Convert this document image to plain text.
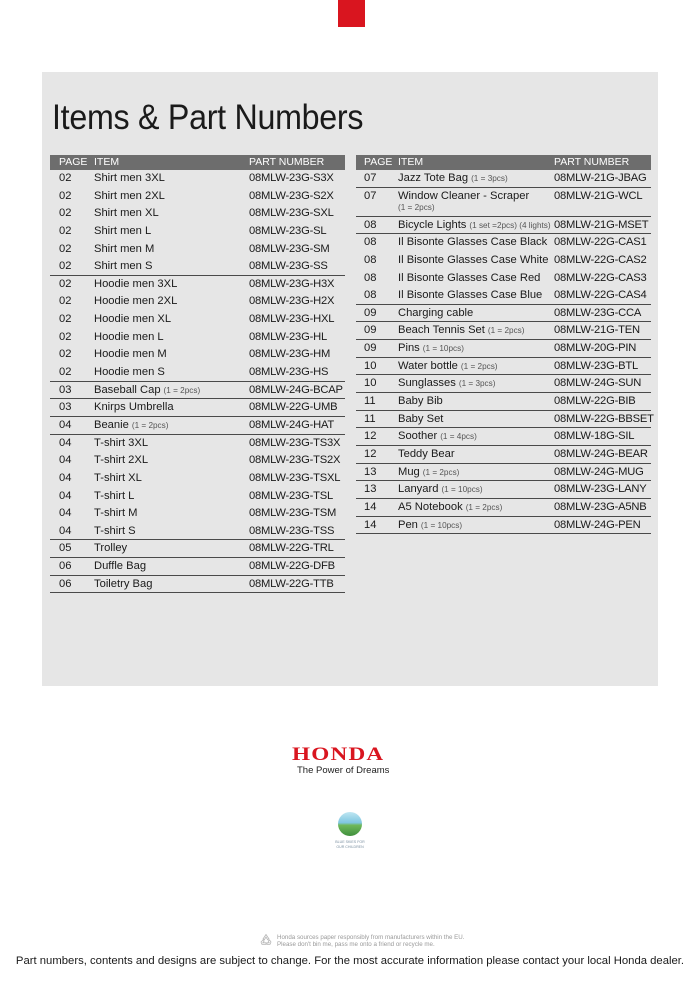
Items & Part Numbers
PAGE ITEM	PART NUMBER
02 Shirt men 3XL	08MLW-23G-S3X
02 Shirt men 2XL	08MLW-23G-S2X
02 Shirt men XL	08MLW-23G-SXL
02 Shirt men L	08MLW-23G-SL
02 Shirt men M	08MLW-23G-SM
02 Shirt men S	08MLW-23G-SS
02 Hoodie men 3XL	08MLW-23G-H3X
02 Hoodie men 2XL	08MLW-23G-H2X
02 Hoodie men XL	08MLW-23G-HXL
02 Hoodie men L	08MLW-23G-HL
02 Hoodie men M	08MLW-23G-HM
02 Hoodie men S	08MLW-23G-HS
03 Baseball Cap (1 = 2pcs)	08MLW-24G-BCAP
03 Knirps Umbrella	08MLW-22G-UMB
04 Beanie (1 = 2pcs)	08MLW-24G-HAT
04 T-shirt 3XL	08MLW-23G-TS3X
04 T-shirt 2XL	08MLW-23G-TS2X
04 T-shirt XL	08MLW-23G-TSXL
04 T-shirt L	08MLW-23G-TSL
04 T-shirt M	08MLW-23G-TSM
04 T-shirt S	08MLW-23G-TSS
05 Trolley	08MLW-22G-TRL
06 Duffle Bag	08MLW-22G-DFB
06 Toiletry Bag	08MLW-22G-TTB
PAGE ITEM	PART NUMBER
07 Jazz Tote Bag (1 = 3pcs)	08MLW-21G-JBAG
07 Window Cleaner - Scraper 08MLW-21G-WCL
(1 = 2pcs)
08 Bicycle Lights (1 set =2pcs) (4 lights) 08MLW-21G-MSET
08 Il Bisonte Glasses Case Black 08MLW-22G-CAS1
08 Il Bisonte Glasses Case White 08MLW-22G-CAS2
08 Il Bisonte Glasses Case Red 08MLW-22G-CAS3
08 Il Bisonte Glasses Case Blue 08MLW-22G-CAS4
09 Charging cable	08MLW-23G-CCA
09 Beach Tennis Set (1 = 2pcs)	08MLW-21G-TEN
09 Pins (1 = 10pcs)	08MLW-20G-PIN
10 Water bottle (1 = 2pcs)	08MLW-23G-BTL
10 Sunglasses (1 = 3pcs)	08MLW-24G-SUN
11 Baby Bib	08MLW-22G-BIB
11 Baby Set	08MLW-22G-BBSET
12 Soother (1 = 4pcs)	08MLW-18G-SIL
12 Teddy Bear	08MLW-24G-BEAR
13 Mug (1 = 2pcs)	08MLW-24G-MUG
13 Lanyard (1 = 10pcs)	08MLW-23G-LANY
14 A5 Notebook (1 = 2pcs)	08MLW-23G-A5NB
14 Pen (1 = 10pcs)	08MLW-24G-PEN
HONDA
The Power of Dreams
BLUE SKIES FOR
OUR CHILDREN
Honda sources paper responsibly from manufacturers within the EU.
Please don't bin me, pass me onto a friend or recycle me.
Part numbers, contents and designs are subject to change. For the most accurate information please contact your local Honda dealer.
